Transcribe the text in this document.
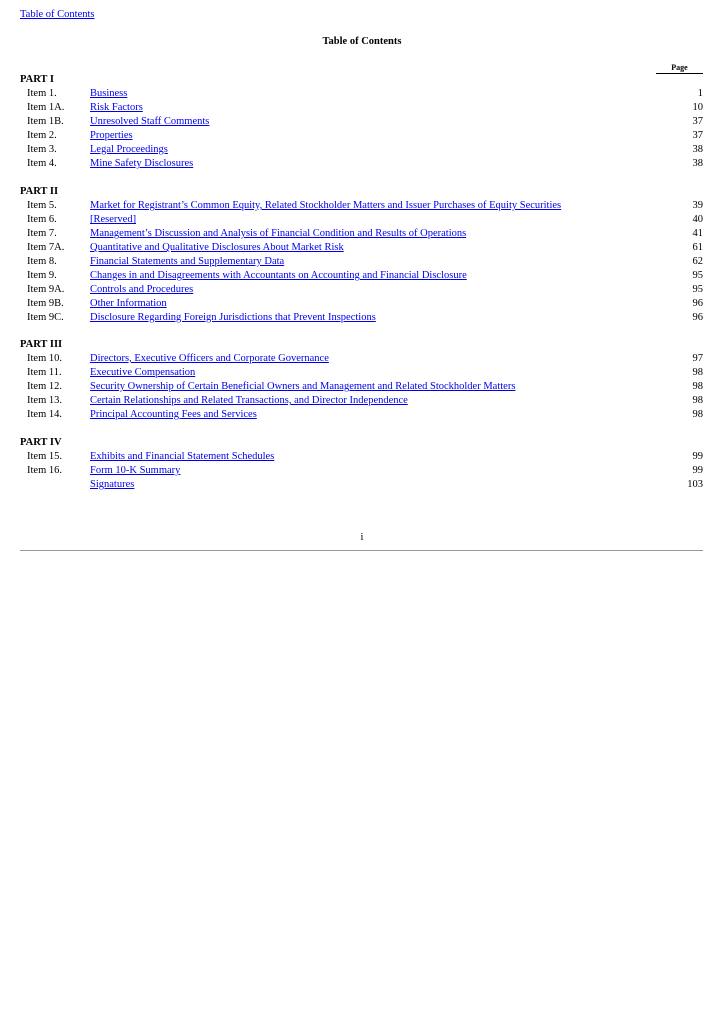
Table of Contents
Table of Contents
Page
PART I
Item 1.	Business	1
Item 1A. Risk Factors	10
Item 1B.	Unresolved Staff Comments	37
Item 2.	Properties	37
Item 3.	Legal Proceedings	38
Item 4.	Mine Safety Disclosures	38
PART II
Item 5.	Market for Registrant’s Common Equity, Related Stockholder Matters and Issuer Purchases of Equity Securities	39
Item 6.	[Reserved]	40
Item 7.	Management’s Discussion and Analysis of Financial Condition and Results of Operations	41
Item 7A. Quantitative and Qualitative Disclosures About Market Risk	61
Item 8.	Financial Statements and Supplementary Data	62
Item 9.	Changes in and Disagreements with Accountants on Accounting and Financial Disclosure	95
Item 9A. Controls and Procedures	95
Item 9B.	Other Information	96
Item 9C.	Disclosure Regarding Foreign Jurisdictions that Prevent Inspections	96
PART III
Item 10.	Directors, Executive Officers and Corporate Governance	97
Item 11.	Executive Compensation	98
Item 12.	Security Ownership of Certain Beneficial Owners and Management and Related Stockholder Matters	98
Item 13.	Certain Relationships and Related Transactions, and Director Independence	98
Item 14.	Principal Accounting Fees and Services	98
PART IV
Item 15.	Exhibits and Financial Statement Schedules	99
Item 16.	Form 10-K Summary	99
Signatures	103
i
